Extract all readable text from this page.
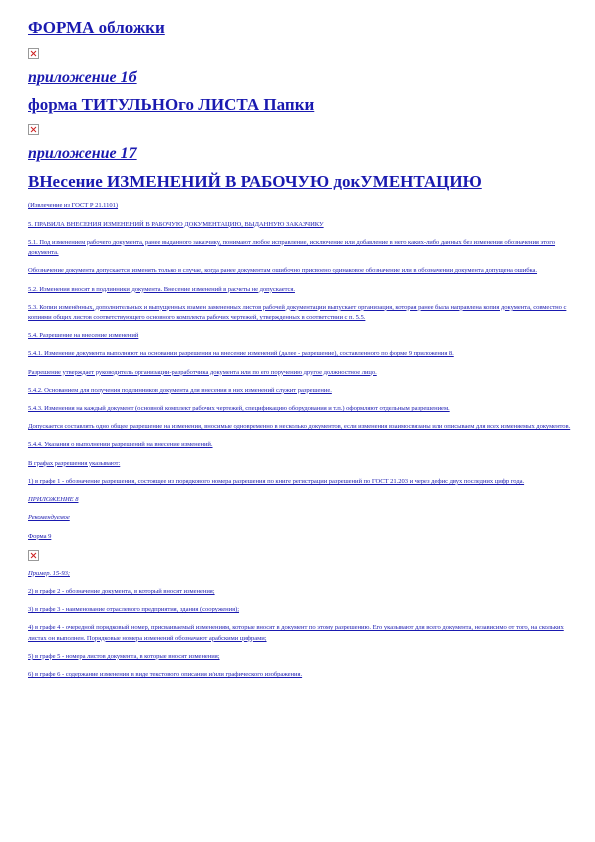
ФОРМА обложки
приложение 1б
форма ТИТУЛЬНОго ЛИСТА Папки
приложение 17
ВНесение ИЗМЕНЕНИЙ В РАБОЧУЮ докУМЕНТАЦИЮ

(Извлечение из ГОСТ Р 21.1101)

5. ПРАВИЛА ВНЕСЕНИЯ ИЗМЕНЕНИЙ В РАБОЧУЮ ДОКУМЕНТАЦИЮ, ВЫДАННУЮ ЗАКАЗЧИКУ

5.1. Под изменением рабочего документа, ранее выданного заказчику, понимают любое исправление, исключение или добавление в него каких-либо данных без изменения обозначения этого документа.

Обозначение документа допускается изменять только в случае, когда ранее документам ошибочно присвоено одинаковое обозначение или в обозначении документа допущена ошибка.

5.2. Изменения вносят в подлинники документа. Внесение изменений в расчеты не допускается.

5.3. Копии изменённых, дополнительных и выпущенных взамен замененных листов рабочей документации выпускает организация, которая ранее была направлена копия документа, совместно с копиями общих листов соответствующего основного комплекта рабочих чертежей, утвержденных в соответствии с п. 5.5.

5.4. Разрешение на внесение изменений

5.4.1. Изменение документа выполняют на основании разрешения на внесение изменений (далее - разрешение), составленного по форме 9 приложения 8.

Разрешение утверждает руководитель организации-разработчика документа или по его поручению другое должностное лицо.

5.4.2. Основанием для получения подлинников документа для внесения в них изменений служит разрешение.

5.4.3. Изменения на каждый документ (основной комплект рабочих чертежей, спецификацию оборудования и т.п.) оформляют отдельным разрешением.

Допускается составлять одно общее разрешение на изменения, вносимые одновременно в несколько документов, если изменения взаимосвязаны или описываем для всех изменяемых документов.

5.4.4. Указания о выполнении разрешений на внесение изменений.

В графах разрешения указывают:

1) в графе 1 - обозначение разрешения, состоящее из порядкового номера разрешения по книге регистрации разрешений по ГОСТ 21.203 и через дефис двух последних цифр года.

ПРИЛОЖЕНИЕ 8

Рекомендуемое

Форма 9

Пример. 15-93;

2) в графе 2 - обозначение документа, в который вносят изменения;

3) в графе 3 - наименование отраслевого предприятия, здания (сооружения);

4) в графе 4 - очередной порядковый номер, присваиваемый изменениям, которые вносят в документ по этому разрешению. Его указывают для всего документа, независимо от того, на скольких листах он выполнен. Порядковые номера изменений обозначают арабскими цифрами;

5) в графе 5 - номера листов документа, в которые вносят изменения;

6) в графе 6 - содержание изменения в виде текстового описания и/или графического изображения.
